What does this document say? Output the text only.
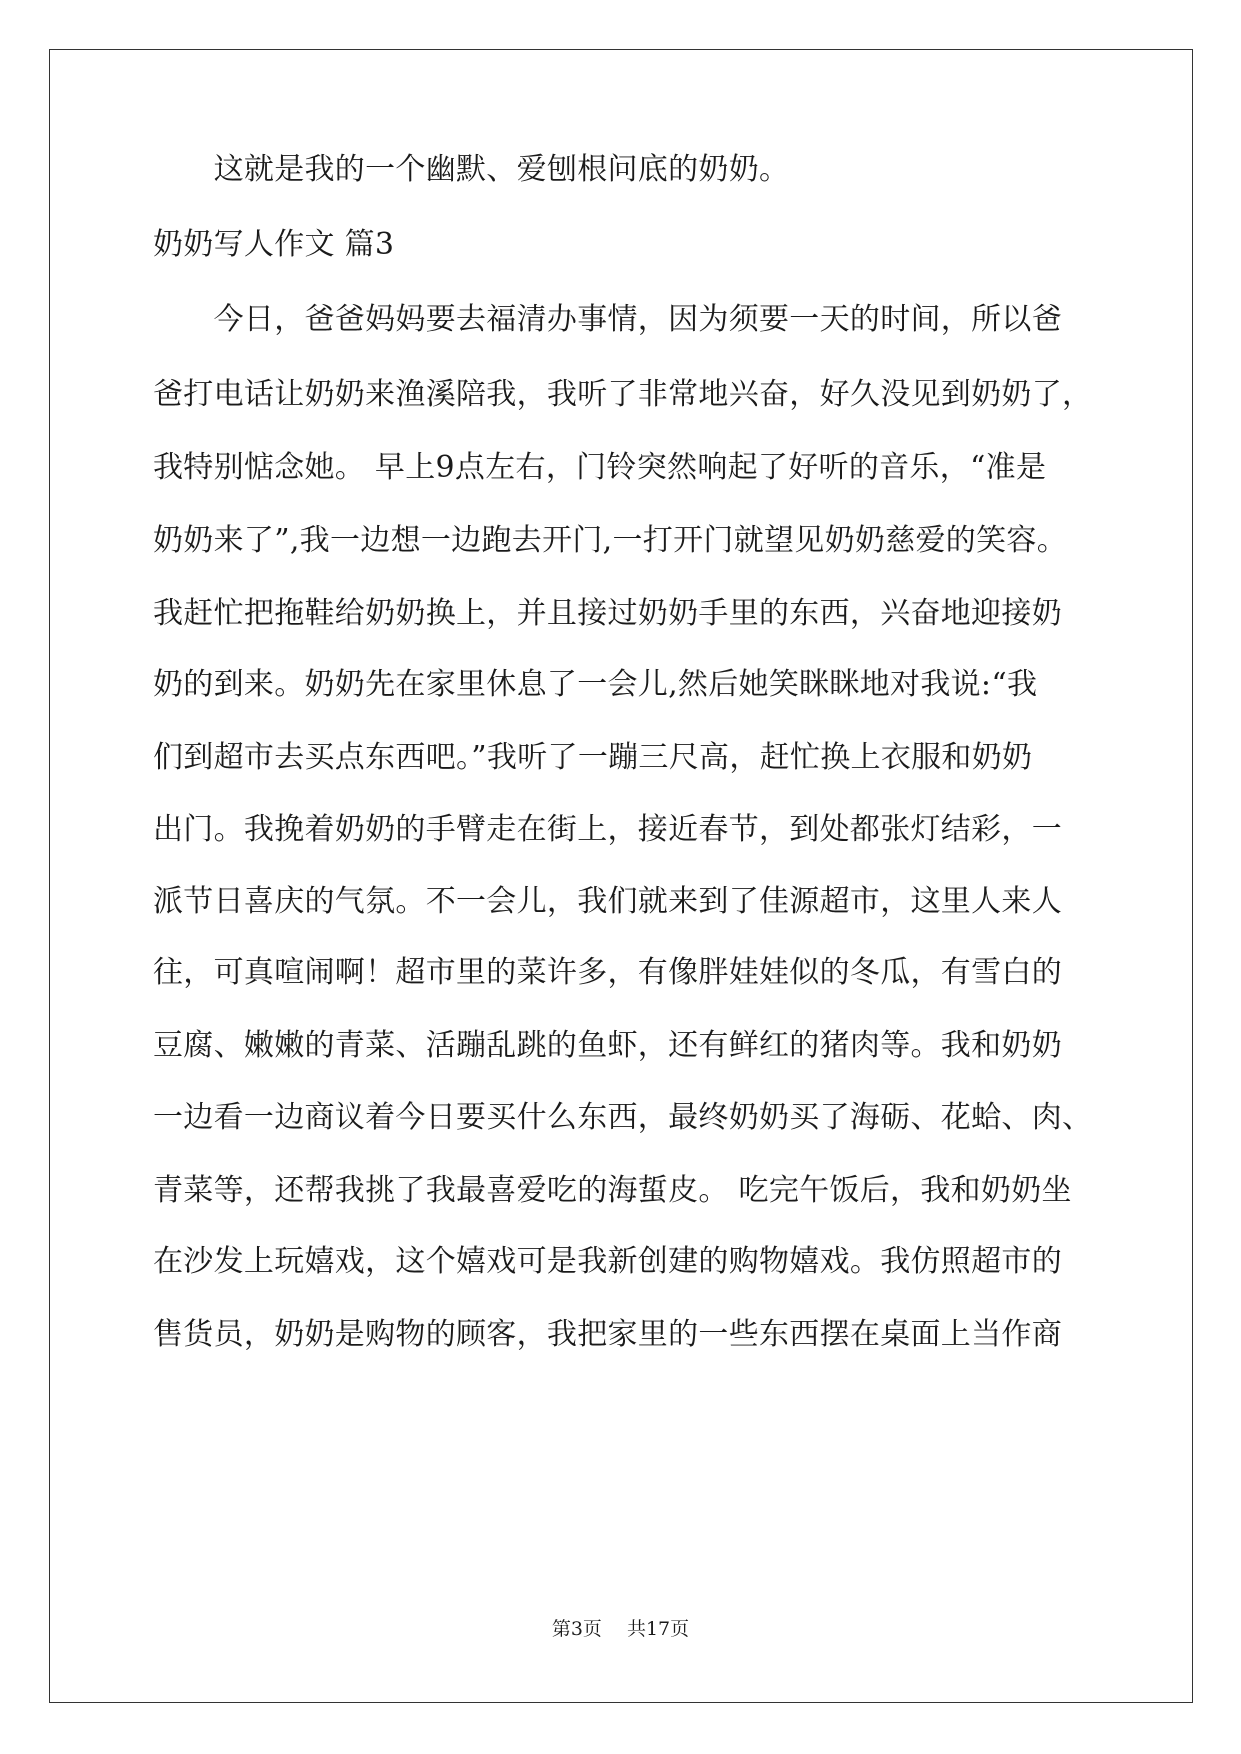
　　这就是我的一个幽默、爱刨根问底的奶奶。
奶奶写人作文 篇3
　　今日，爸爸妈妈要去福清办事情，因为须要一天的时间，所以爸
爸打电话让奶奶来渔溪陪我，我听了非常地兴奋，好久没见到奶奶了，
我特别惦念她。 早上9点左右，门铃突然响起了好听的音乐，“准是
奶奶来了”,我一边想一边跑去开门,一打开门就望见奶奶慈爱的笑容。
我赶忙把拖鞋给奶奶换上，并且接过奶奶手里的东西，兴奋地迎接奶
奶的到来。奶奶先在家里休息了一会儿,然后她笑眯眯地对我说:“我
们到超市去买点东西吧。”我听了一蹦三尺高，赶忙换上衣服和奶奶
出门。我挽着奶奶的手臂走在街上，接近春节，到处都张灯结彩，一
派节日喜庆的气氛。不一会儿，我们就来到了佳源超市，这里人来人
往，可真喧闹啊！超市里的菜许多，有像胖娃娃似的冬瓜，有雪白的
豆腐、嫩嫩的青菜、活蹦乱跳的鱼虾，还有鲜红的猪肉等。我和奶奶
一边看一边商议着今日要买什么东西，最终奶奶买了海砺、花蛤、肉、
青菜等，还帮我挑了我最喜爱吃的海蜇皮。 吃完午饭后，我和奶奶坐
在沙发上玩嬉戏，这个嬉戏可是我新创建的购物嬉戏。我仿照超市的
售货员，奶奶是购物的顾客，我把家里的一些东西摆在桌面上当作商
第3页　 共17页
